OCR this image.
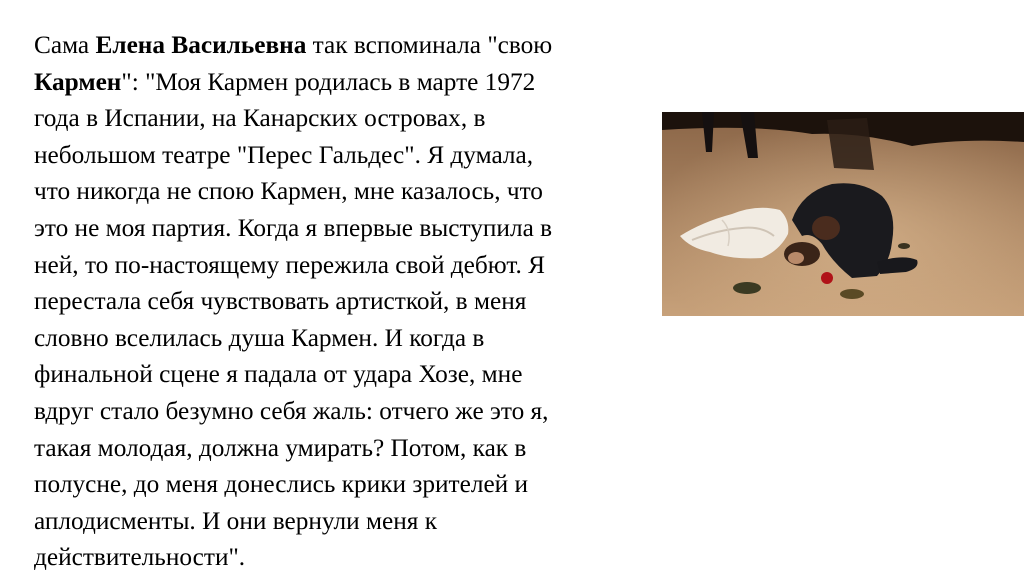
Сама Елена Васильевна так вспоминала "свою
Кармен": "Моя Кармен родилась в марте 1972
года в Испании, на Канарских островах, в
небольшом театре "Перес Гальдес". Я думала,
что никогда не спою Кармен, мне казалось, что
это не моя партия. Когда я впервые выступила в
ней, то по-настоящему пережила свой дебют. Я
перестала себя чувствовать артисткой, в меня
словно вселилась душа Кармен. И когда в
финальной сцене я падала от удара Хозе, мне
вдруг стало безумно себя жаль: отчего же это я,
такая молодая, должна умирать? Потом, как в
полусне, до меня донеслись крики зрителей и
аплодисменты. И они вернули меня к
действительности".
